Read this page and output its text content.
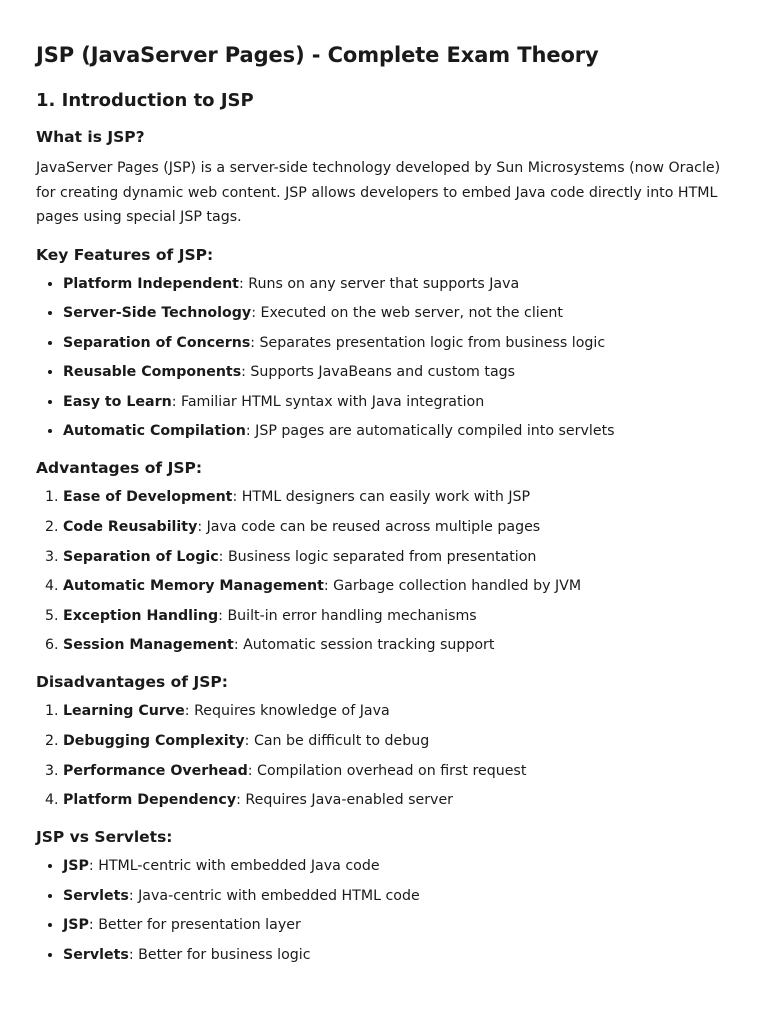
JSP (JavaServer Pages) - Complete Exam Theory
1. Introduction to JSP
What is JSP?

JavaServer Pages (JSP) is a server-side technology developed by Sun Microsystems (now Oracle) for creating dynamic web content. JSP allows developers to embed Java code directly into HTML pages using special JSP tags.

Key Features of JSP:
• Platform Independent: Runs on any server that supports Java
• Server-Side Technology: Executed on the web server, not the client
• Separation of Concerns: Separates presentation logic from business logic
• Reusable Components: Supports JavaBeans and custom tags
• Easy to Learn: Familiar HTML syntax with Java integration
• Automatic Compilation: JSP pages are automatically compiled into servlets
Advantages of JSP:
1. Ease of Development: HTML designers can easily work with JSP
2. Code Reusability: Java code can be reused across multiple pages
3. Separation of Logic: Business logic separated from presentation
4. Automatic Memory Management: Garbage collection handled by JVM
5. Exception Handling: Built-in error handling mechanisms
6. Session Management: Automatic session tracking support
Disadvantages of JSP:
1. Learning Curve: Requires knowledge of Java
2. Debugging Complexity: Can be difficult to debug
3. Performance Overhead: Compilation overhead on first request
4. Platform Dependency: Requires Java-enabled server
JSP vs Servlets:
• JSP: HTML-centric with embedded Java code
• Servlets: Java-centric with embedded HTML code
• JSP: Better for presentation layer
• Servlets: Better for business logic
